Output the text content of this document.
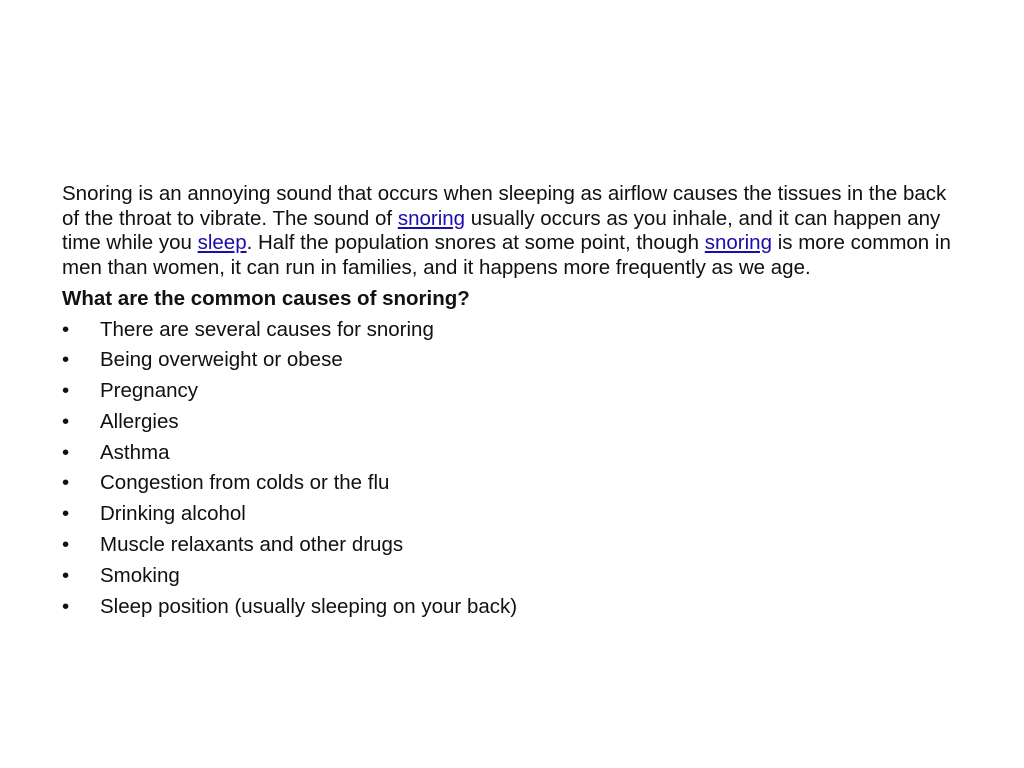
Snoring is an annoying sound that occurs when sleeping as airflow causes the tissues in the back of the throat to vibrate. The sound of snoring usually occurs as you inhale, and it can happen any time while you sleep. Half the population snores at some point, though snoring is more common in men than women, it can run in families, and it happens more frequently as we age.

What are the common causes of snoring?

• There are several causes for snoring
• Being overweight or obese
• Pregnancy
• Allergies
• Asthma
• Congestion from colds or the flu
• Drinking alcohol
• Muscle relaxants and other drugs
• Smoking
• Sleep position (usually sleeping on your back)
